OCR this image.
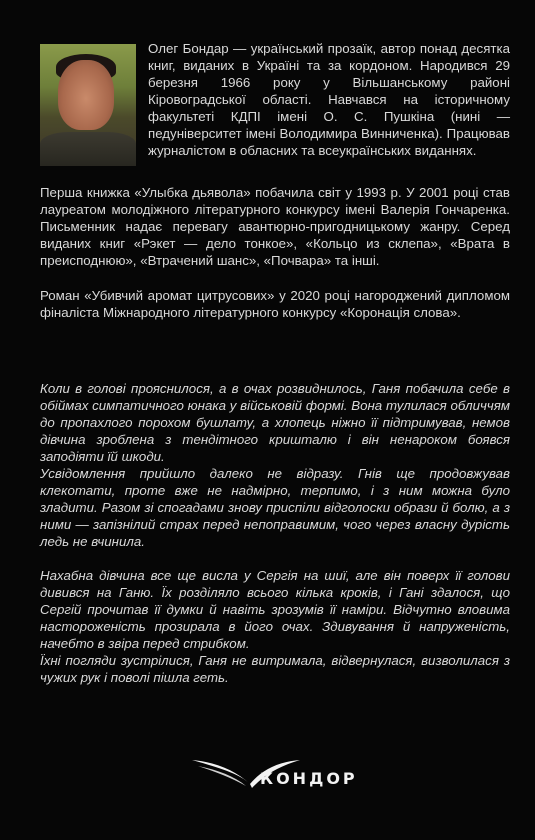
Олег Бондар — український прозаїк, автор понад десятка книг, виданих в Україні та за кордоном. Народився 29 березня 1966 року у Вільшанському районі Кіровоградської області. Навчався на історичному факультеті КДПІ імені О. С. Пушкіна (нині — педуніверситет імені Володимира Винниченка). Працював журналістом в обласних та всеукраїнських виданнях.

Перша книжка «Улыбка дьявола» побачила світ у 1993 р. У 2001 році став лауреатом молодіжного літературного конкурсу імені Валерія Гончаренка. Письменник надає перевагу авантюрно-пригодницькому жанру. Серед виданих книг «Рэкет — дело тонкое», «Кольцо из склепа», «Врата в преисподнюю», «Втрачений шанс», «Почвара» та інші.

Роман «Убивчий аромат цитрусових» у 2020 році нагороджений дипломом фіналіста Міжнародного літературного конкурсу «Коронація слова».

Коли в голові прояснилося, а в очах розвиднилось, Ганя побачила себе в обіймах симпатичного юнака у військовій формі. Вона тулилася обличчям до пропахлого порохом бушлату, а хлопець ніжно її підтримував, немов дівчина зроблена з тендітного кришталю і він ненароком боявся заподіяти їй шкоди.

Усвідомлення прийшло далеко не відразу. Гнів ще продовжував клекотати, проте вже не надмірно, терпимо, і з ним можна було зладити. Разом зі спогадами знову приспіли відголоски образи й болю, а з ними — запізнілий страх перед непоправимим, чого через власну дурість ледь не вчинила.

Нахабна дівчина все ще висла у Сергія на шиї, але він поверх її голови дивився на Ганю. Їх розділяло всього кілька кроків, і Гані здалося, що Сергій прочитав її думки й навіть зрозумів її наміри. Відчутно вловима настороженість прозирала в його очах. Здивування й напруженість, начебто в звіра перед стрибком.

Їхні погляди зустрілися, Ганя не витримала, відвернулася, визволилася з чужих рук і поволі пішла геть.

КОНДОР
